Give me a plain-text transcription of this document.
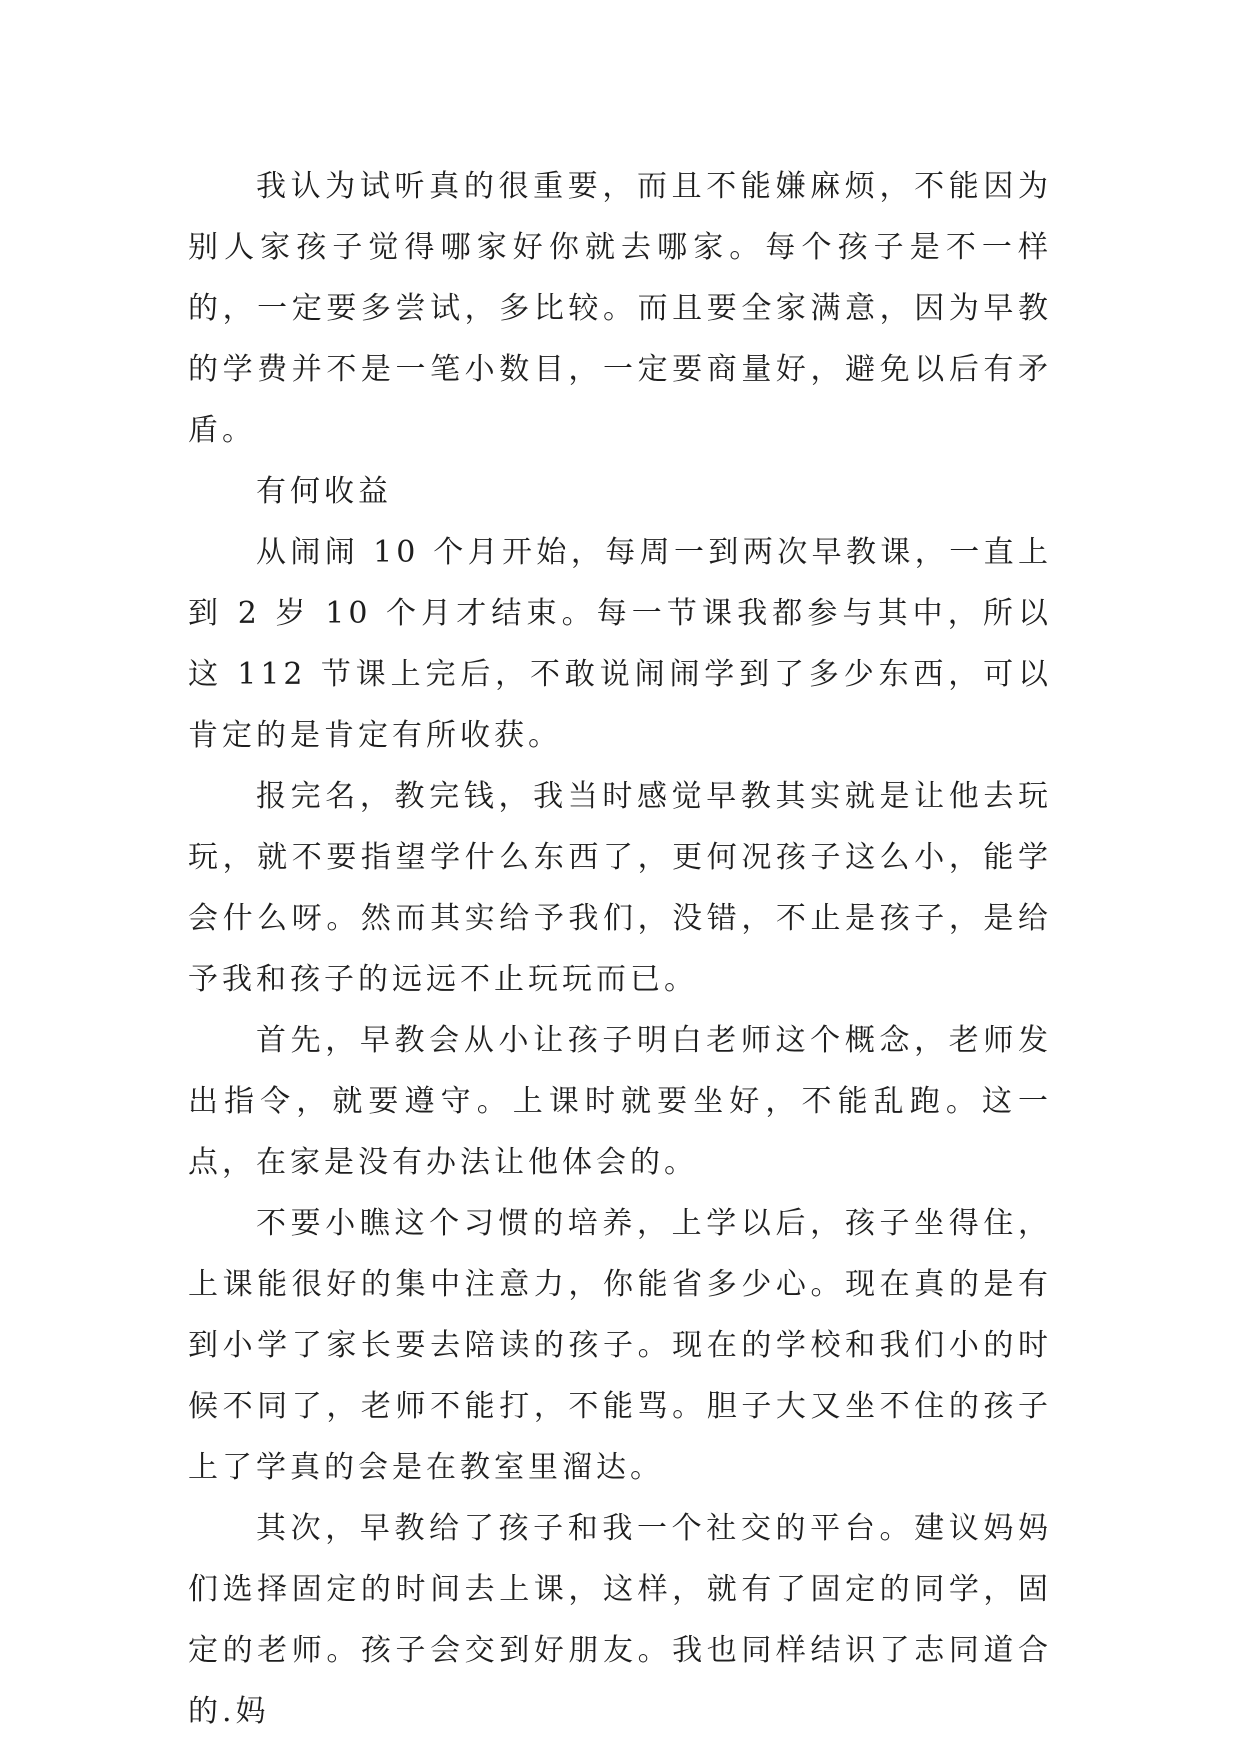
我认为试听真的很重要，而且不能嫌麻烦，不能因为别人家孩子觉得哪家好你就去哪家。每个孩子是不一样的，一定要多尝试，多比较。而且要全家满意，因为早教的学费并不是一笔小数目，一定要商量好，避免以后有矛盾。

有何收益

从闹闹 10 个月开始，每周一到两次早教课，一直上到 2 岁 10 个月才结束。每一节课我都参与其中，所以这 112 节课上完后，不敢说闹闹学到了多少东西，可以肯定的是肯定有所收获。

报完名，教完钱，我当时感觉早教其实就是让他去玩玩，就不要指望学什么东西了，更何况孩子这么小，能学会什么呀。然而其实给予我们，没错，不止是孩子，是给予我和孩子的远远不止玩玩而已。

首先，早教会从小让孩子明白老师这个概念，老师发出指令，就要遵守。上课时就要坐好，不能乱跑。这一点，在家是没有办法让他体会的。

不要小瞧这个习惯的培养，上学以后，孩子坐得住，上课能很好的集中注意力，你能省多少心。现在真的是有到小学了家长要去陪读的孩子。现在的学校和我们小的时候不同了，老师不能打，不能骂。胆子大又坐不住的孩子上了学真的会是在教室里溜达。

其次，早教给了孩子和我一个社交的平台。建议妈妈们选择固定的时间去上课，这样，就有了固定的同学，固定的老师。孩子会交到好朋友。我也同样结识了志同道合的.妈
